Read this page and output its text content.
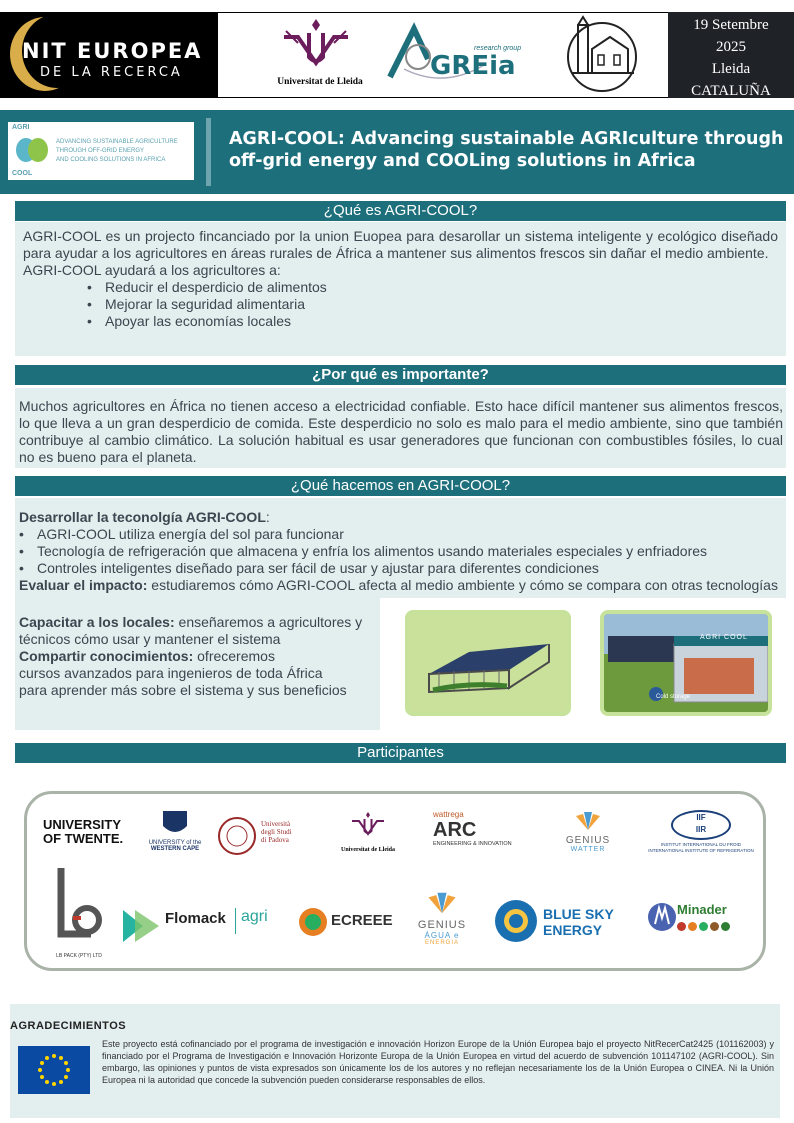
NIT EUROPEA
DE LA RECERCA
Universitat de Lleida
research group
GREia
19 Setembre
2025
Lleida
CATALUÑA
AGRI
COOL
ADVANCING SUSTAINABLE AGRICULTURE
THROUGH OFF-GRID ENERGY
AND COOLING SOLUTIONS IN AFRICA
AGRI-COOL: Advancing sustainable AGRIculture through off-grid energy and COOLing solutions in Africa
¿Qué es AGRI-COOL?

AGRI-COOL es un projecto fincanciado por la union Euopea para desarollar un sistema inteligente y ecológico diseñado para ayudar a los agricultores en áreas rurales de África a mantener sus alimentos frescos sin dañar el medio ambiente.

AGRI-COOL ayudará a los agricultores a:

• Reducir el desperdicio de alimentos
• Mejorar la seguridad alimentaria
• Apoyar las economías locales
¿Por qué es importante?

Muchos agricultores en África no tienen acceso a electricidad confiable. Esto hace difícil mantener sus alimentos frescos, lo que lleva a un gran desperdicio de comida. Este desperdicio no solo es malo para el medio ambiente, sino que también contribuye al cambio climático. La solución habitual es usar generadores que funcionan con combustibles fósiles, lo cual no es bueno para el planeta.

¿Qué hacemos en AGRI-COOL?

Desarrollar la teconolgía AGRI-COOL:

• AGRI-COOL utiliza energía del sol para funcionar
• Tecnología de refrigeración que almacena y enfría los alimentos usando materiales especiales y enfriadores
• Controles inteligentes diseñado para ser fácil de usar y ajustar para diferentes condiciones

Evaluar el impacto: estudiaremos cómo AGRI-COOL afecta al medio ambiente y cómo se compara con otras tecnologías

Capacitar a los locales: enseñaremos a agricultores y técnicos cómo usar y mantener el sistema

Compartir conocimientos: ofreceremos

cursos avanzados para ingenieros de toda África

para aprender más sobre el sistema y sus beneficios

AGRI COOL
Cold storage
Participantes
UNIVERSITY
OF TWENTE.	UNIVERSITY of the
WESTERN CAPE
Università
degli Studi
di Padova
Universitat de Lleida
wattrega
ARC
ENGINEERING & INNOVATION	GENIUS
WATTER
IIF
IIR
INSTITUT INTERNATIONAL DU FROID
INTERNATIONAL INSTITUTE OF REFRIGERATION
LB PACK (PTY) LTD
Flomack agri	ECREEE	GENIUS
ÁGUA e
ENERGIA
BLUE SKY
ENERGY
Minader
AGRADECIMIENTOS
Este proyecto está cofinanciado por el programa de investigación e innovación Horizon Europe de la Unión Europea bajo el proyecto NitRecerCat2425 (101162003) y financiado por el Programa de Investigación e Innovación Horizonte Europa de la Unión Europea en virtud del acuerdo de subvención 101147102 (AGRI-COOL). Sin embargo, las opiniones y puntos de vista expresados son únicamente los de los autores y no reflejan necesariamente los de la Unión Europea o CINEA. Ni la Unión Europea ni la autoridad que concede la subvención pueden considerarse responsables de ellos.
